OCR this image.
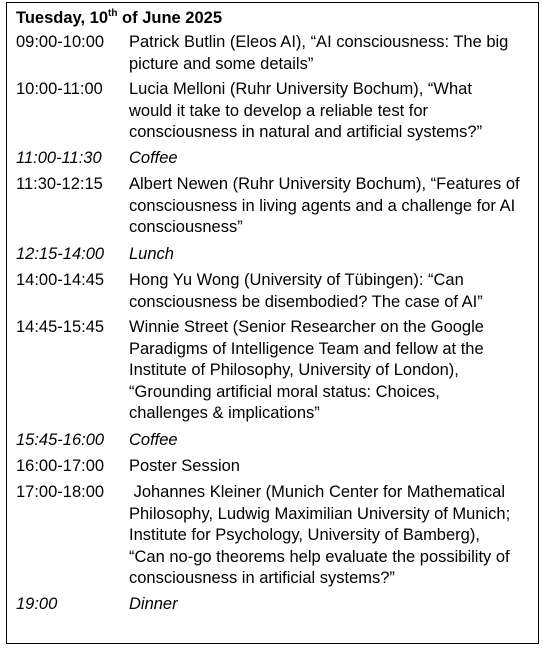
Tuesday, 10th of June 2025
09:00-10:00 Patrick Butlin (Eleos AI), “AI consciousness: The big
picture and some details”
10:00-11:00 Lucia Melloni (Ruhr University Bochum), “What
would it take to develop a reliable test for
consciousness in natural and artificial systems?”
11:00-11:30 Coffee
11:30-12:15 Albert Newen (Ruhr University Bochum), “Features of
consciousness in living agents and a challenge for AI
consciousness”
12:15-14:00 Lunch
14:00-14:45 Hong Yu Wong (University of Tübingen): “Can
consciousness be disembodied? The case of AI”
14:45-15:45 Winnie Street (Senior Researcher on the Google
Paradigms of Intelligence Team and fellow at the
Institute of Philosophy, University of London),
“Grounding artificial moral status: Choices,
challenges & implications”
15:45-16:00 Coffee
16:00-17:00 Poster Session
17:00-18:00 Johannes Kleiner (Munich Center for Mathematical
Philosophy, Ludwig Maximilian University of Munich;
Institute for Psychology, University of Bamberg),
“Can no-go theorems help evaluate the possibility of
consciousness in artificial systems?”
19:00	Dinner
